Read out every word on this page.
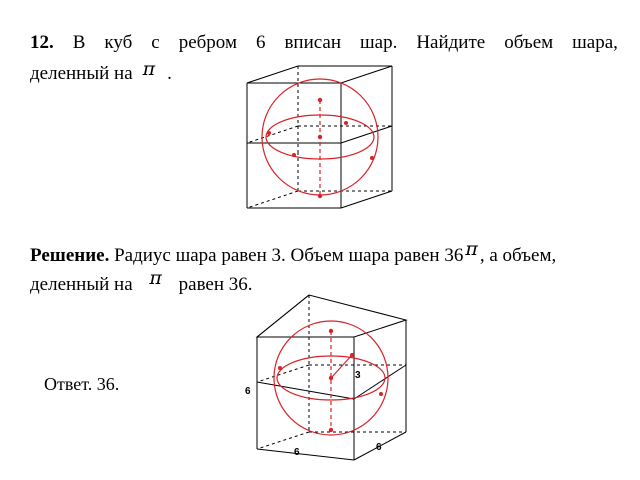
12. В куб с ребром 6 вписан шар. Найдите объем шара,
деленный на π .
Решение. Радиус шара равен 3. Объем шара равен 36 π , а объем,
деленный на π равен 36.
3
6
6	6
Ответ. 36.
